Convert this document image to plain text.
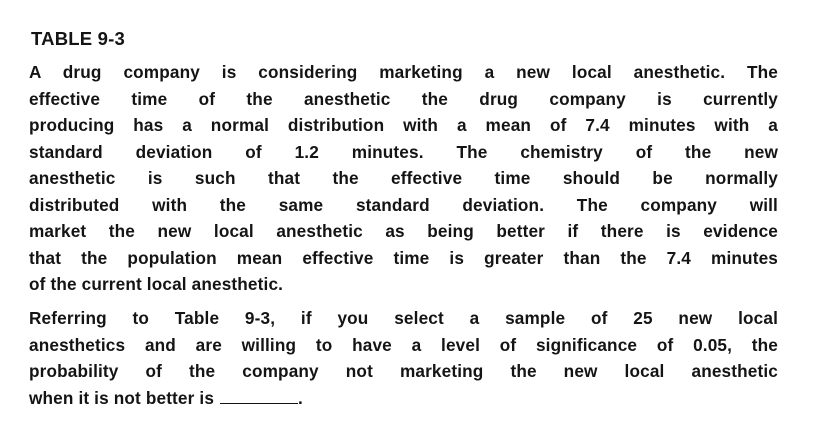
TABLE 9-3
A drug company is considering marketing a new local anesthetic. The
effective time of the anesthetic the drug company is currently
producing has a normal distribution with a mean of 7.4 minutes with a
standard deviation of 1.2 minutes. The chemistry of the new
anesthetic is such that the effective time should be normally
distributed with the same standard deviation. The company will
market the new local anesthetic as being better if there is evidence
that the population mean effective time is greater than the 7.4 minutes
of the current local anesthetic.
Referring to Table 9-3, if you select a sample of 25 new local
anesthetics and are willing to have a level of significance of 0.05, the
probability of the company not marketing the new local anesthetic
when it is not better is	.
